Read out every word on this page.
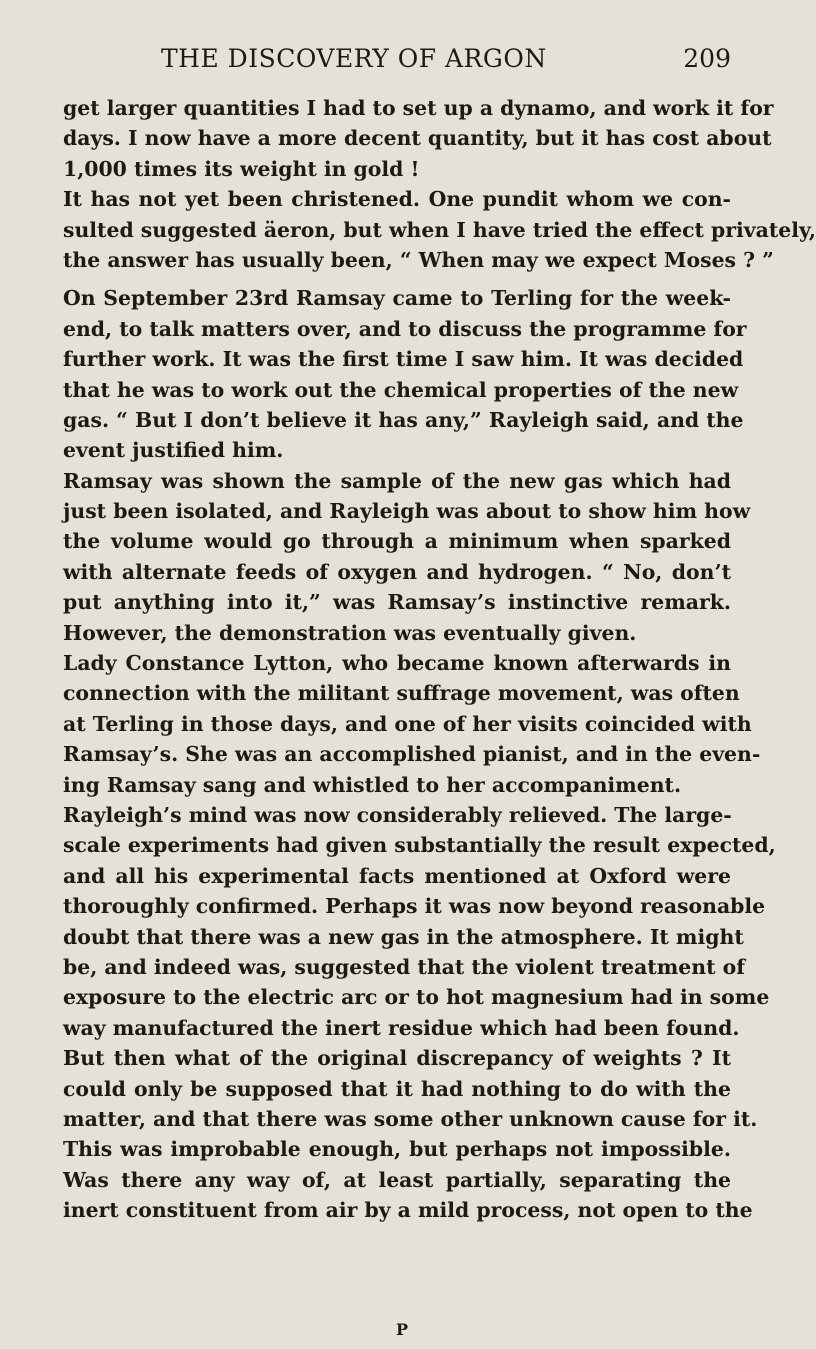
THE DISCOVERY OF ARGON	209
get larger quantities I had to set up a dynamo, and work it for
days. I now have a more decent quantity, but it has cost about
1,000 times its weight in gold !
It has not yet been christened. One pundit whom we con-
sulted suggested äeron, but when I have tried the effect privately,
the answer has usually been, “ When may we expect Moses ? ”
On September 23rd Ramsay came to Terling for the week-
end, to talk matters over, and to discuss the programme for
further work. It was the first time I saw him. It was decided
that he was to work out the chemical properties of the new
gas. “ But I don’t believe it has any,” Rayleigh said, and the
event justified him.
Ramsay was shown the sample of the new gas which had
just been isolated, and Rayleigh was about to show him how
the volume would go through a minimum when sparked
with alternate feeds of oxygen and hydrogen. “ No, don’t
put anything into it,” was Ramsay’s instinctive remark.
However, the demonstration was eventually given.
Lady Constance Lytton, who became known afterwards in
connection with the militant suffrage movement, was often
at Terling in those days, and one of her visits coincided with
Ramsay’s. She was an accomplished pianist, and in the even-
ing Ramsay sang and whistled to her accompaniment.
Rayleigh’s mind was now considerably relieved. The large-
scale experiments had given substantially the result expected,
and all his experimental facts mentioned at Oxford were
thoroughly confirmed. Perhaps it was now beyond reasonable
doubt that there was a new gas in the atmosphere. It might
be, and indeed was, suggested that the violent treatment of
exposure to the electric arc or to hot magnesium had in some
way manufactured the inert residue which had been found.
But then what of the original discrepancy of weights ? It
could only be supposed that it had nothing to do with the
matter, and that there was some other unknown cause for it.
This was improbable enough, but perhaps not impossible.
Was there any way of, at least partially, separating the
inert constituent from air by a mild process, not open to the
P
